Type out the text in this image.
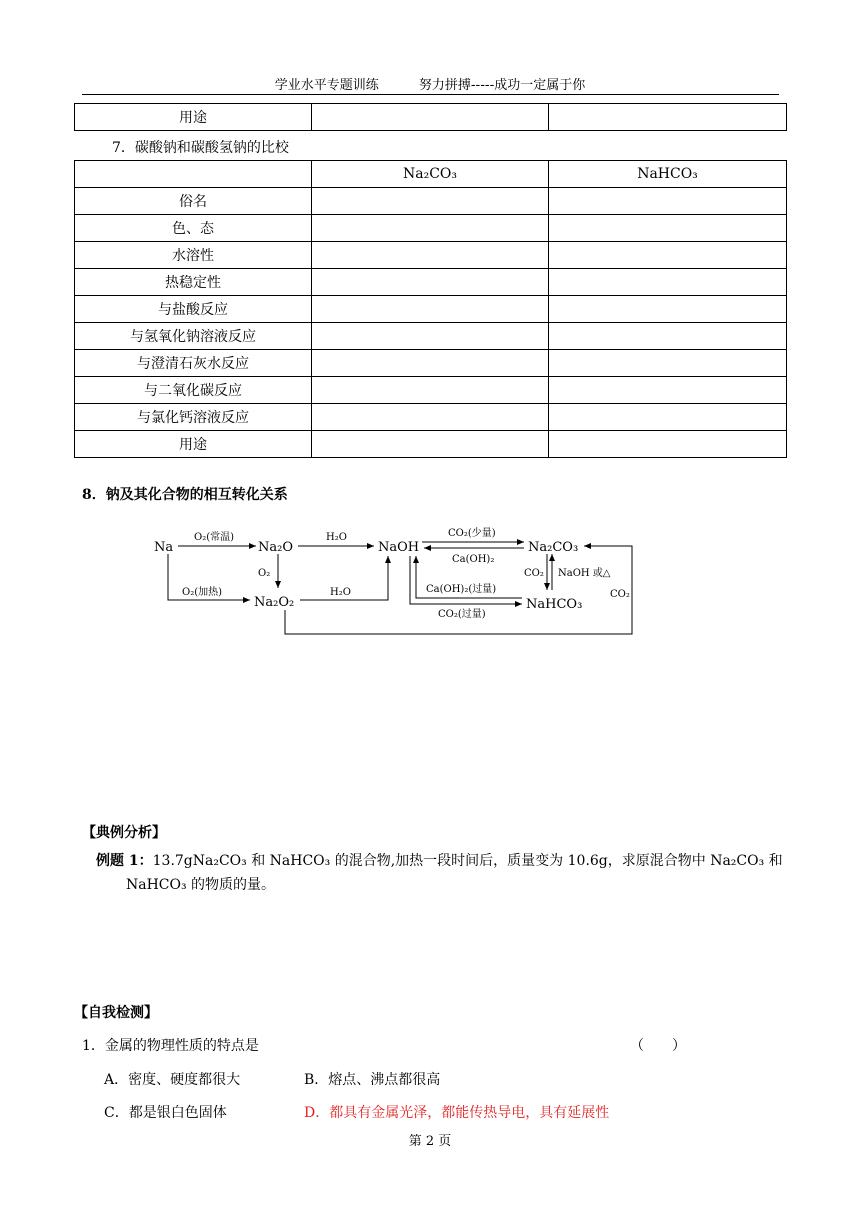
学业水平专题训练	努力拼搏-----成功一定属于你
用途		
7．碳酸钠和碳酸氢钠的比校
	Na₂CO₃	NaHCO₃
俗名		
色、态		
水溶性		
热稳定性		
与盐酸反应		
与氢氧化钠溶液反应		
与澄清石灰水反应		
与二氧化碳反应		
与氯化钙溶液反应		
用途		
8．钠及其化合物的相互转化关系
Na	Na₂O
Na₂O₂
NaOH	Na₂CO₃
NaHCO₃
O₂(常温)
O₂(加热)
O₂
H₂O
H₂O
CO₂(少量)
Ca(OH)₂
Ca(OH)₂(过量)
CO₂(过量)
CO₂ NaOH 或△
CO₂
【典例分析】
例题 1：13.7gNa₂CO₃ 和 NaHCO₃ 的混合物,加热一段时间后，质量变为 10.6g，求原混合物中 Na₂CO₃ 和
NaHCO₃ 的物质的量。
【自我检测】
1．金属的物理性质的特点是	（　　）
A．密度、硬度都很大	B．熔点、沸点都很高
C．都是银白色固体	D．都具有金属光泽，都能传热导电，具有延展性
第 2 页
